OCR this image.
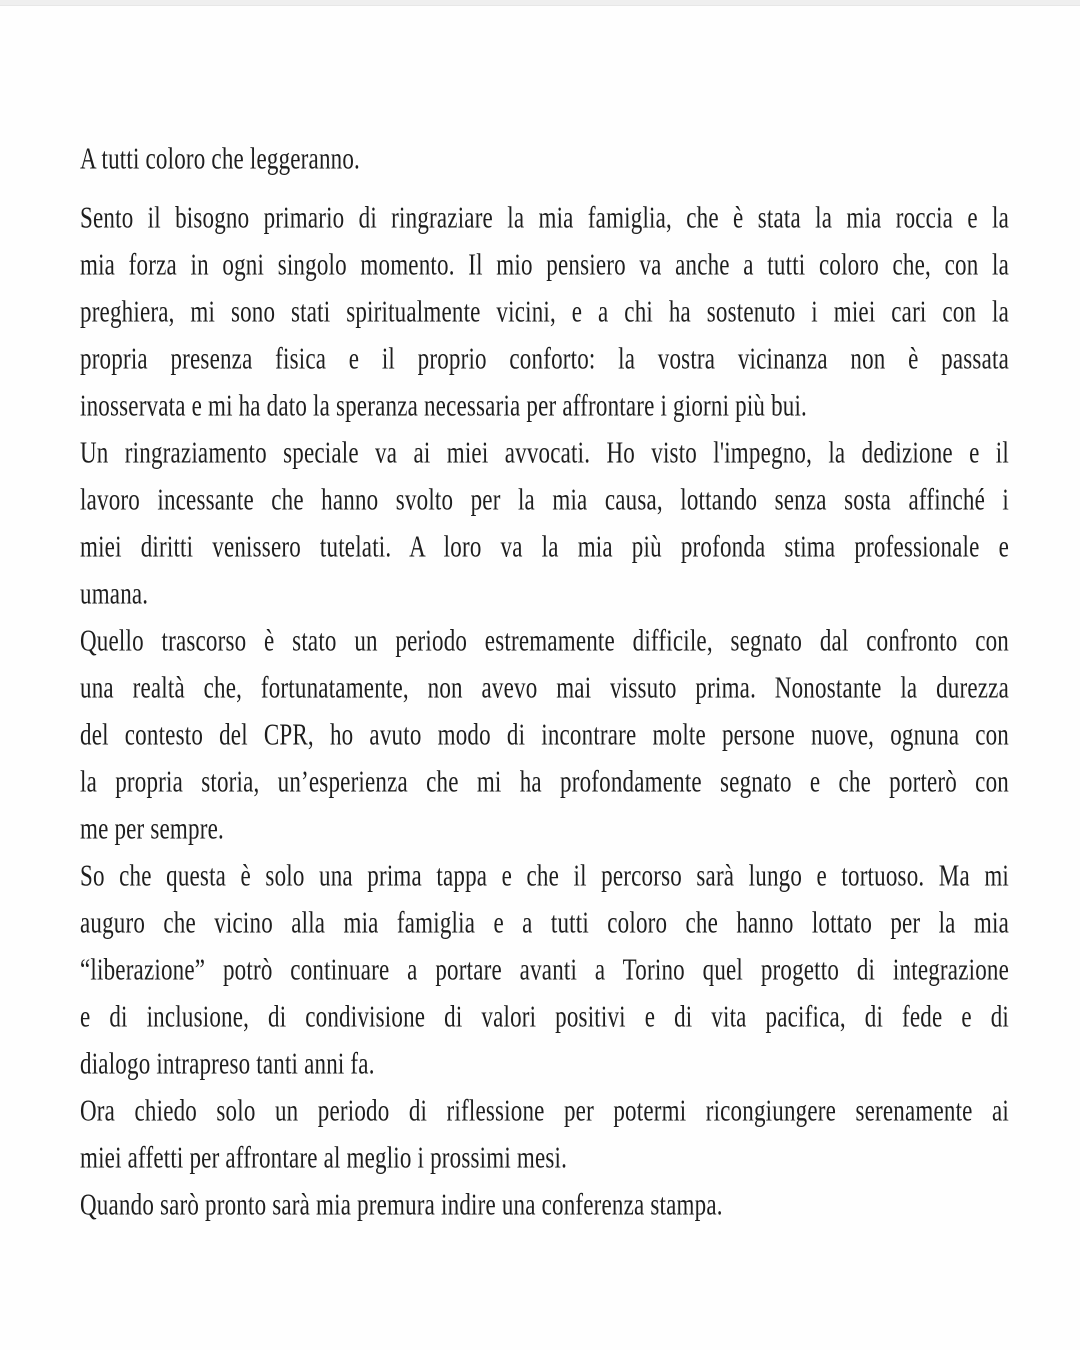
A tutti coloro che leggeranno.
Sento il bisogno primario di ringraziare la mia famiglia, che è stata la mia roccia e la
mia forza in ogni singolo momento. Il mio pensiero va anche a tutti coloro che, con la
preghiera, mi sono stati spiritualmente vicini, e a chi ha sostenuto i miei cari con la
propria presenza fisica e il proprio conforto: la vostra vicinanza non è passata
inosservata e mi ha dato la speranza necessaria per affrontare i giorni più bui.
Un ringraziamento speciale va ai miei avvocati. Ho visto l'impegno, la dedizione e il
lavoro incessante che hanno svolto per la mia causa, lottando senza sosta affinché i
miei diritti venissero tutelati. A loro va la mia più profonda stima professionale e
umana.
Quello trascorso è stato un periodo estremamente difficile, segnato dal confronto con
una realtà che, fortunatamente, non avevo mai vissuto prima. Nonostante la durezza
del contesto del CPR, ho avuto modo di incontrare molte persone nuove, ognuna con
la propria storia, un’esperienza che mi ha profondamente segnato e che porterò con
me per sempre.
So che questa è solo una prima tappa e che il percorso sarà lungo e tortuoso. Ma mi
auguro che vicino alla mia famiglia e a tutti coloro che hanno lottato per la mia
“liberazione” potrò continuare a portare avanti a Torino quel progetto di integrazione
e di inclusione, di condivisione di valori positivi e di vita pacifica, di fede e di
dialogo intrapreso tanti anni fa.
Ora chiedo solo un periodo di riflessione per potermi ricongiungere serenamente ai
miei affetti per affrontare al meglio i prossimi mesi.
Quando sarò pronto sarà mia premura indire una conferenza stampa.
